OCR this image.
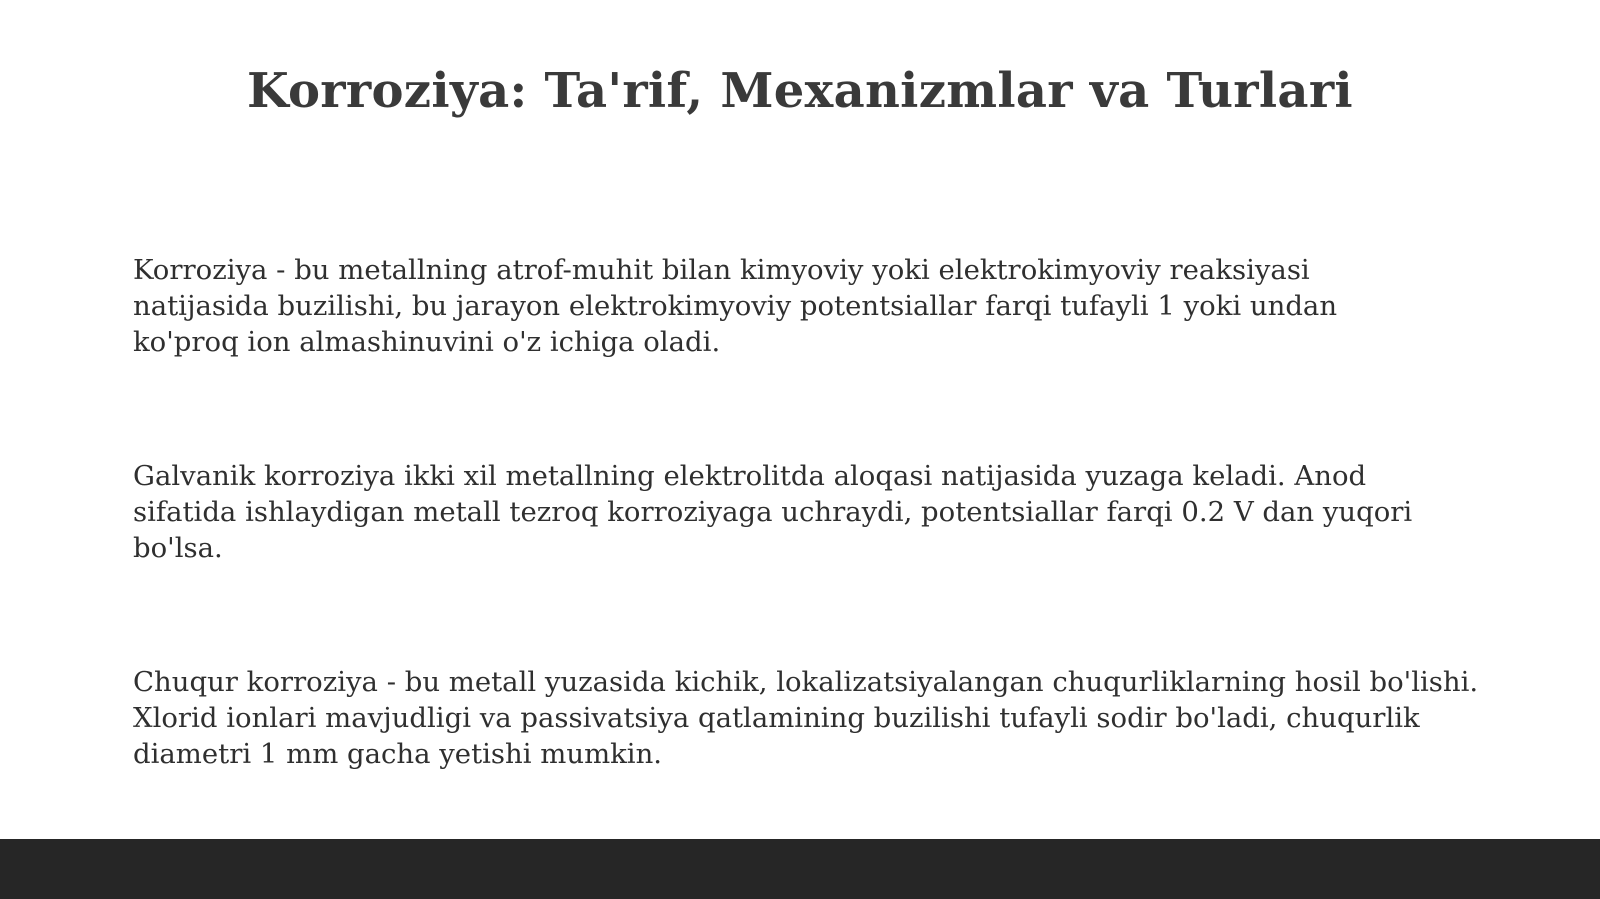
Korroziya: Ta'rif, Mexanizmlar va Turlari

Korroziya - bu metallning atrof-muhit bilan kimyoviy yoki elektrokimyoviy reaksiyasi
natijasida buzilishi, bu jarayon elektrokimyoviy potentsiallar farqi tufayli 1 yoki undan
ko'proq ion almashinuvini o'z ichiga oladi.

Galvanik korroziya ikki xil metallning elektrolitda aloqasi natijasida yuzaga keladi. Anod
sifatida ishlaydigan metall tezroq korroziyaga uchraydi, potentsiallar farqi 0.2 V dan yuqori
bo'lsa.

Chuqur korroziya - bu metall yuzasida kichik, lokalizatsiyalangan chuqurliklarning hosil bo'lishi.
Xlorid ionlari mavjudligi va passivatsiya qatlamining buzilishi tufayli sodir bo'ladi, chuqurlik
diametri 1 mm gacha yetishi mumkin.
